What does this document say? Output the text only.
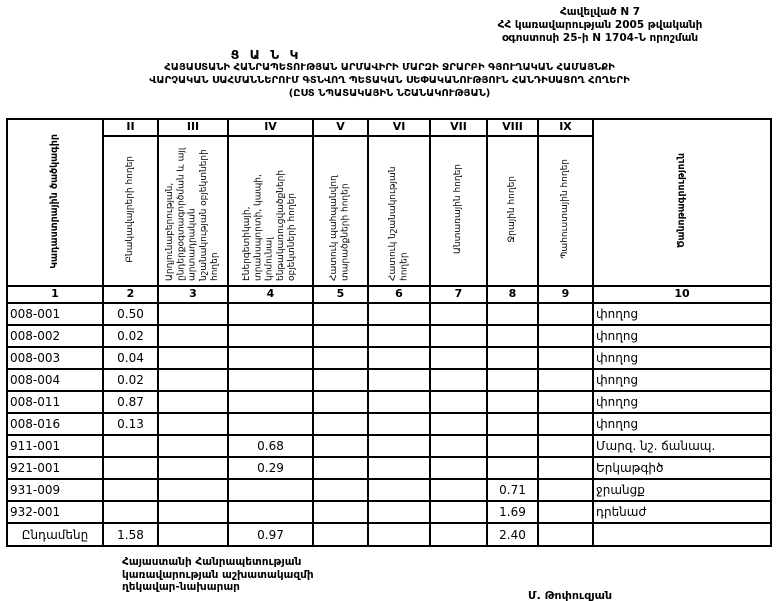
Հավելված N 7
ՀՀ կառավարության 2005 թվականի
օգոստոսի 25-ի N 1704-Ն որոշման
Ց Ա Ն Կ
ՀԱՅԱՍՏԱՆԻ ՀԱՆՐԱՊԵՏՈՒԹՅԱՆ ԱՐՄԱՎԻՐԻ ՄԱՐԶԻ ՋՐԱՐԲԻ ԳՅՈՒՂԱԿԱՆ ՀԱՄԱՅՆՔԻ
ՎԱՐՉԱԿԱՆ ՍԱՀՄԱՆՆԵՐՈՒՄ ԳՏՆՎՈՂ ՊԵՏԱԿԱՆ ՍԵՓԱԿԱՆՈՒԹՅՈՒՆ ՀԱՆԴԻՍԱՑՈՂ ՀՈՂԵՐԻ
(ԸՍՏ ՆՊԱՏԱԿԱՅԻՆ ՆՇԱՆԱԿՈՒԹՅԱՆ)
Կադաստրային ծածկագիր	II	III	IV	V	VI	VII	VIII	IX	Ծանոթագրություն
	Բնակավայրերի հողեր	Արդյունաբերության, ընդերքօգտագործման և այլ արտադրական նշանակության օբյեկտների հողեր	Էներգետիկայի, տրանսպորտի, կապի, կոմունալ ենթակառուցվածքների օբյեկտների հողեր	Հատուկ պահպանվող տարածքների հողեր	Հատուկ նշանակության հողեր	Անտառային հողեր	Ջրային հողեր	Պահուստային հողեր	
1	2	3	4	5	6	7	8	9	10
008-001	0.50								փողոց
008-002	0.02								փողոց
008-003	0.04								փողոց
008-004	0.02								փողոց
008-011	0.87								փողոց
008-016	0.13								փողոց
911-001			0.68						Մարզ. նշ. ճանապ.
921-001			0.29						Երկաթգիծ
931-009							0.71		ջրանցք
932-001							1.69		դրենաժ
Ընդամենը	1.58		0.97				2.40		
Հայաստանի Հանրապետության
կառավարության աշխատակազմի
ղեկավար-նախարար
Մ. Թոփուզյան
